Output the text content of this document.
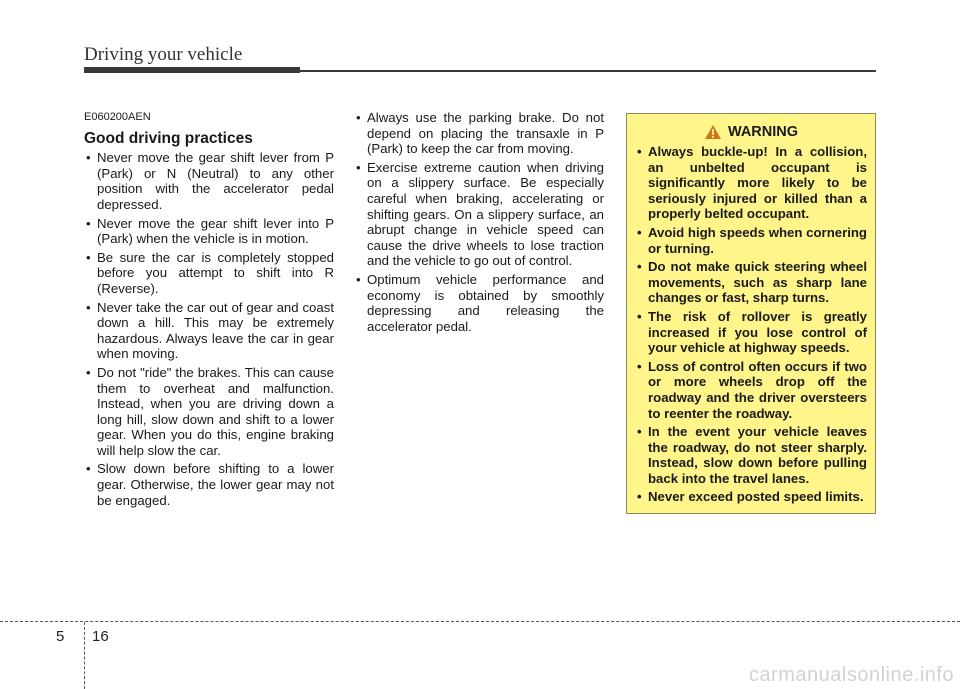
Driving your vehicle
E060200AEN
Good driving practices
• Never move the gear shift lever from P (Park) or N (Neutral) to any other position with the accelerator pedal depressed.
• Never move the gear shift lever into P (Park) when the vehicle is in motion.
• Be sure the car is completely stopped before you attempt to shift into R (Reverse).
• Never take the car out of gear and coast down a hill. This may be extremely hazardous. Always leave the car in gear when moving.
• Do not "ride" the brakes. This can cause them to overheat and malfunction. Instead, when you are driving down a long hill, slow down and shift to a lower gear. When you do this, engine braking will help slow the car.
• Slow down before shifting to a lower gear. Otherwise, the lower gear may not be engaged.
• Always use the parking brake. Do not depend on placing the transaxle in P (Park) to keep the car from moving.
• Exercise extreme caution when driving on a slippery surface. Be especially careful when braking, accelerating or shifting gears. On a slippery surface, an abrupt change in vehicle speed can cause the drive wheels to lose traction and the vehicle to go out of control.
• Optimum vehicle performance and economy is obtained by smoothly depressing and releasing the accelerator pedal.
WARNING
• Always buckle-up! In a collision, an unbelted occupant is significantly more likely to be seriously injured or killed than a properly belted occupant.
• Avoid high speeds when cornering or turning.
• Do not make quick steering wheel movements, such as sharp lane changes or fast, sharp turns.
• The risk of rollover is greatly increased if you lose control of your vehicle at highway speeds.
• Loss of control often occurs if two or more wheels drop off the roadway and the driver oversteers to reenter the roadway.
• In the event your vehicle leaves the roadway, do not steer sharply. Instead, slow down before pulling back into the travel lanes.
• Never exceed posted speed limits.
5 16
carmanualsonline.info
